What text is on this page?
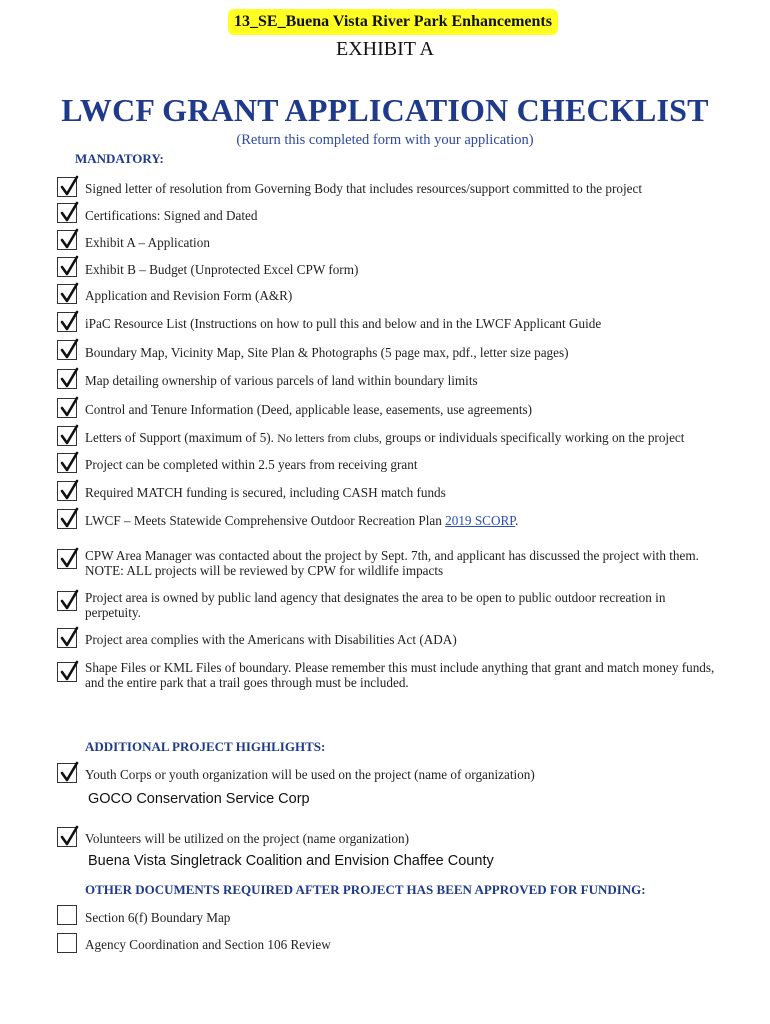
13_SE_Buena Vista River Park Enhancements
EXHIBIT A
LWCF GRANT APPLICATION CHECKLIST
(Return this completed form with your application)
MANDATORY:
Signed letter of resolution from Governing Body that includes resources/support committed to the project
Certifications: Signed and Dated
Exhibit A – Application
Exhibit B – Budget (Unprotected Excel CPW form)
Application and Revision Form (A&R)
iPaC Resource List (Instructions on how to pull this and below and in the LWCF Applicant Guide
Boundary Map, Vicinity Map, Site Plan & Photographs (5 page max, pdf., letter size pages)
Map detailing ownership of various parcels of land within boundary limits
Control and Tenure Information (Deed, applicable lease, easements, use agreements)
Letters of Support (maximum of 5). No letters from clubs, groups or individuals specifically working on the project
Project can be completed within 2.5 years from receiving grant
Required MATCH funding is secured, including CASH match funds
LWCF – Meets Statewide Comprehensive Outdoor Recreation Plan 2019 SCORP.
CPW Area Manager was contacted about the project by Sept. 7th, and applicant has discussed the project with them. NOTE: ALL projects will be reviewed by CPW for wildlife impacts
Project area is owned by public land agency that designates the area to be open to public outdoor recreation in perpetuity.
Project area complies with the Americans with Disabilities Act (ADA)
Shape Files or KML Files of boundary. Please remember this must include anything that grant and match money funds, and the entire park that a trail goes through must be included.
ADDITIONAL PROJECT HIGHLIGHTS:
Youth Corps or youth organization will be used on the project (name of organization)
GOCO Conservation Service Corp
Volunteers will be utilized on the project (name organization)
Buena Vista Singletrack Coalition and Envision Chaffee County
OTHER DOCUMENTS REQUIRED AFTER PROJECT HAS BEEN APPROVED FOR FUNDING:
Section 6(f) Boundary Map
Agency Coordination and Section 106 Review
